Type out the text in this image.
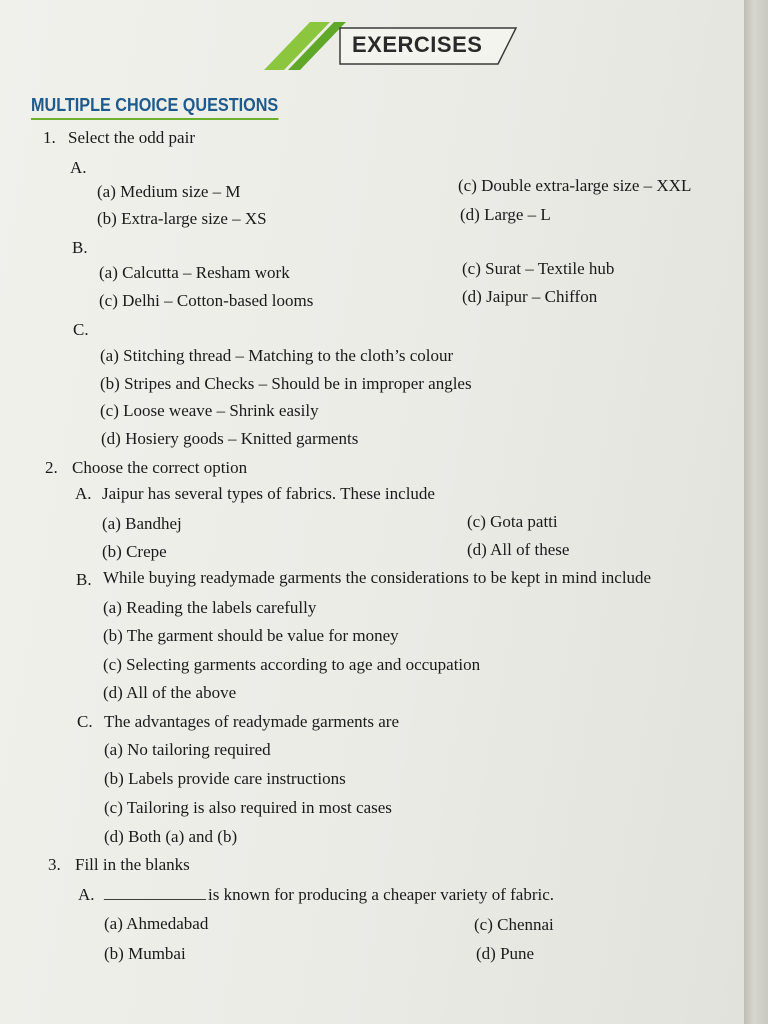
EXERCISES
MULTIPLE CHOICE QUESTIONS
1. Select the odd pair
A.
(a) Medium size – M	(c) Double extra-large size – XXL
(b) Extra-large size – XS	(d) Large – L
B.
(a) Calcutta – Resham work	(c) Surat – Textile hub
(c) Delhi – Cotton-based looms	(d) Jaipur – Chiffon
C.
(a) Stitching thread – Matching to the cloth’s colour
(b) Stripes and Checks – Should be in improper angles
(c) Loose weave – Shrink easily
(d) Hosiery goods – Knitted garments
2. Choose the correct option
A. Jaipur has several types of fabrics. These include
(a) Bandhej	(c) Gota patti
(b) Crepe	(d) All of these
B. While buying readymade garments the considerations to be kept in mind include
(a) Reading the labels carefully
(b) The garment should be value for money
(c) Selecting garments according to age and occupation
(d) All of the above
C. The advantages of readymade garments are
(a) No tailoring required
(b) Labels provide care instructions
(c) Tailoring is also required in most cases
(d) Both (a) and (b)
3. Fill in the blanks
A. ____________ is known for producing a cheaper variety of fabric.
(a) Ahmedabad	(c) Chennai
(b) Mumbai	(d) Pune
